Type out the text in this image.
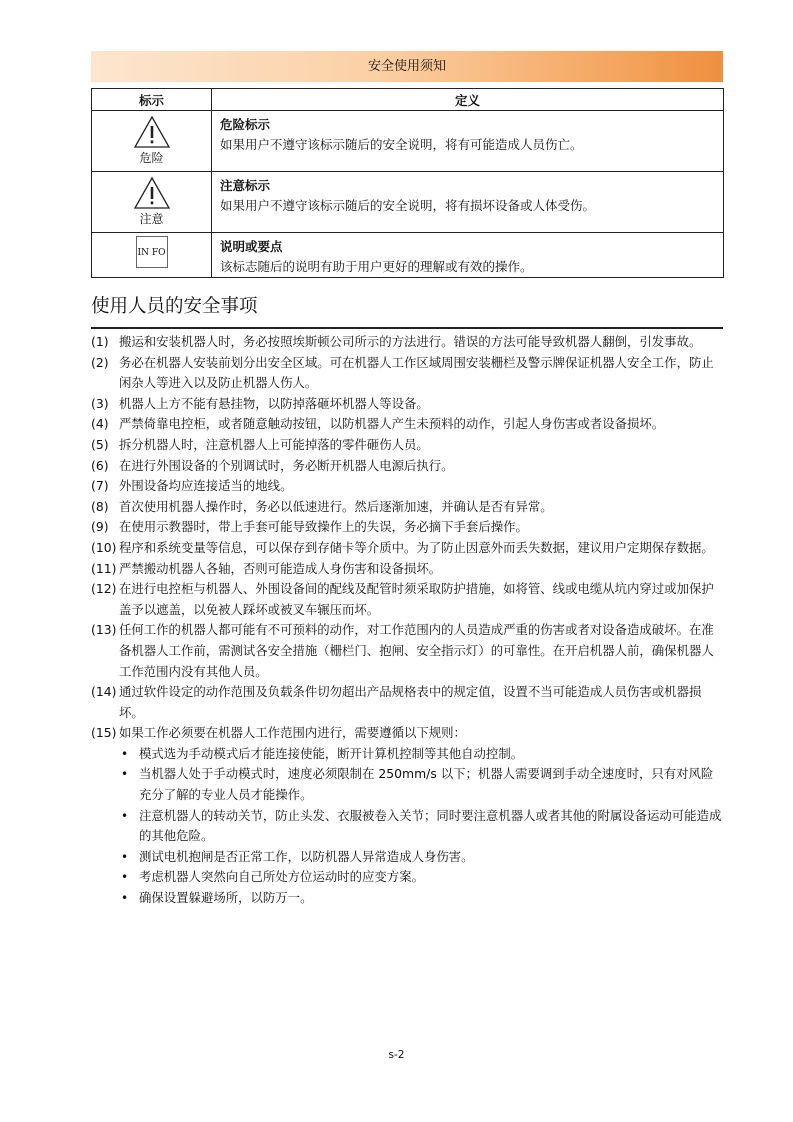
安全使用须知
标示	定义

危险	危险标示
如果用户不遵守该标示随后的安全说明，将有可能造成人员伤亡。

注意	注意标示
如果用户不遵守该标示随后的安全说明，将有损坏设备或人体受伤。
IN FO	说明或要点
该标志随后的说明有助于用户更好的理解或有效的操作。
使用人员的安全事项
(1) 搬运和安装机器人时，务必按照埃斯顿公司所示的方法进行。错误的方法可能导致机器人翻倒，引发事故。
(2) 务必在机器人安装前划分出安全区域。可在机器人工作区域周围安装栅栏及警示牌保证机器人安全工作，防止闲杂人等进入以及防止机器人伤人。
(3) 机器人上方不能有悬挂物，以防掉落砸坏机器人等设备。
(4) 严禁倚靠电控柜，或者随意触动按钮，以防机器人产生未预料的动作，引起人身伤害或者设备损坏。
(5) 拆分机器人时，注意机器人上可能掉落的零件砸伤人员。
(6) 在进行外围设备的个别调试时，务必断开机器人电源后执行。
(7) 外围设备均应连接适当的地线。
(8) 首次使用机器人操作时，务必以低速进行。然后逐渐加速，并确认是否有异常。
(9) 在使用示教器时，带上手套可能导致操作上的失误，务必摘下手套后操作。
(10) 程序和系统变量等信息，可以保存到存储卡等介质中。为了防止因意外而丢失数据，建议用户定期保存数据。
(11) 严禁搬动机器人各轴，否则可能造成人身伤害和设备损坏。
(12) 在进行电控柜与机器人、外围设备间的配线及配管时须采取防护措施，如将管、线或电缆从坑内穿过或加保护盖予以遮盖，以免被人踩坏或被叉车辗压而坏。
(13) 任何工作的机器人都可能有不可预料的动作，对工作范围内的人员造成严重的伤害或者对设备造成破坏。在准备机器人工作前，需测试各安全措施（栅栏门、抱闸、安全指示灯）的可靠性。在开启机器人前，确保机器人工作范围内没有其他人员。
(14) 通过软件设定的动作范围及负载条件切勿超出产品规格表中的规定值，设置不当可能造成人员伤害或机器损坏。
(15) 如果工作必须要在机器人工作范围内进行，需要遵循以下规则：
• 模式选为手动模式后才能连接使能，断开计算机控制等其他自动控制。
• 当机器人处于手动模式时，速度必须限制在 250mm/s 以下；机器人需要调到手动全速度时，只有对风险充分了解的专业人员才能操作。
• 注意机器人的转动关节，防止头发、衣服被卷入关节；同时要注意机器人或者其他的附属设备运动可能造成的其他危险。
• 测试电机抱闸是否正常工作，以防机器人异常造成人身伤害。
• 考虑机器人突然向自己所处方位运动时的应变方案。
• 确保设置躲避场所，以防万一。
s-2
